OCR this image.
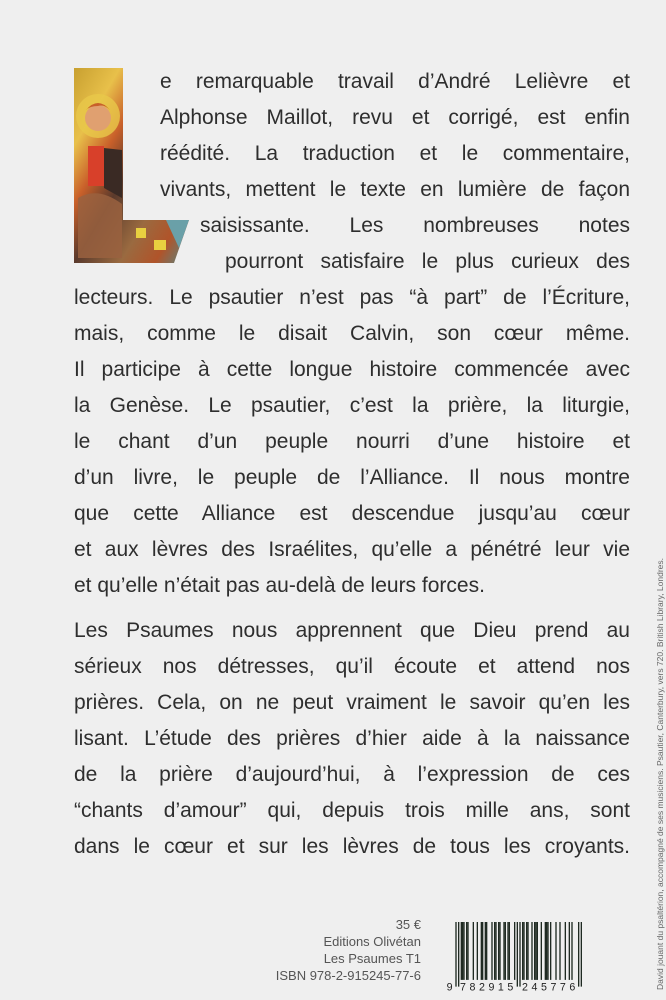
e remarquable travail d’André Lelièvre et
Alphonse Maillot, revu et corrigé, est enfin
réédité. La traduction et le commentaire,
vivants, mettent le texte en lumière de façon
saisissante. Les nombreuses notes
pourront satisfaire le plus curieux des
lecteurs. Le psautier n’est pas “à part” de l’Écriture,
mais, comme le disait Calvin, son cœur même.
Il participe à cette longue histoire commencée avec
la Genèse. Le psautier, c’est la prière, la liturgie,
le chant d’un peuple nourri d’une histoire et
d’un livre, le peuple de l’Alliance. Il nous montre
que cette Alliance est descendue jusqu’au cœur
et aux lèvres des Israélites, qu’elle a pénétré leur vie
et qu’elle n’était pas au-delà de leurs forces.
Les Psaumes nous apprennent que Dieu prend au
sérieux nos détresses, qu’il écoute et attend nos
prières. Cela, on ne peut vraiment le savoir qu’en les
lisant. L’étude des prières d’hier aide à la naissance
de la prière d’aujourd’hui, à l’expression de ces
“chants d’amour” qui, depuis trois mille ans, sont
dans le cœur et sur les lèvres de tous les croyants.
35 €
Editions Olivétan
Les Psaumes T1
ISBN 978-2-915245-77-6
9 782915 245776	David jouant du psaltérion, accompagné de ses musiciens. Psautier, Canterbury, vers 720. British Library, Londres.
